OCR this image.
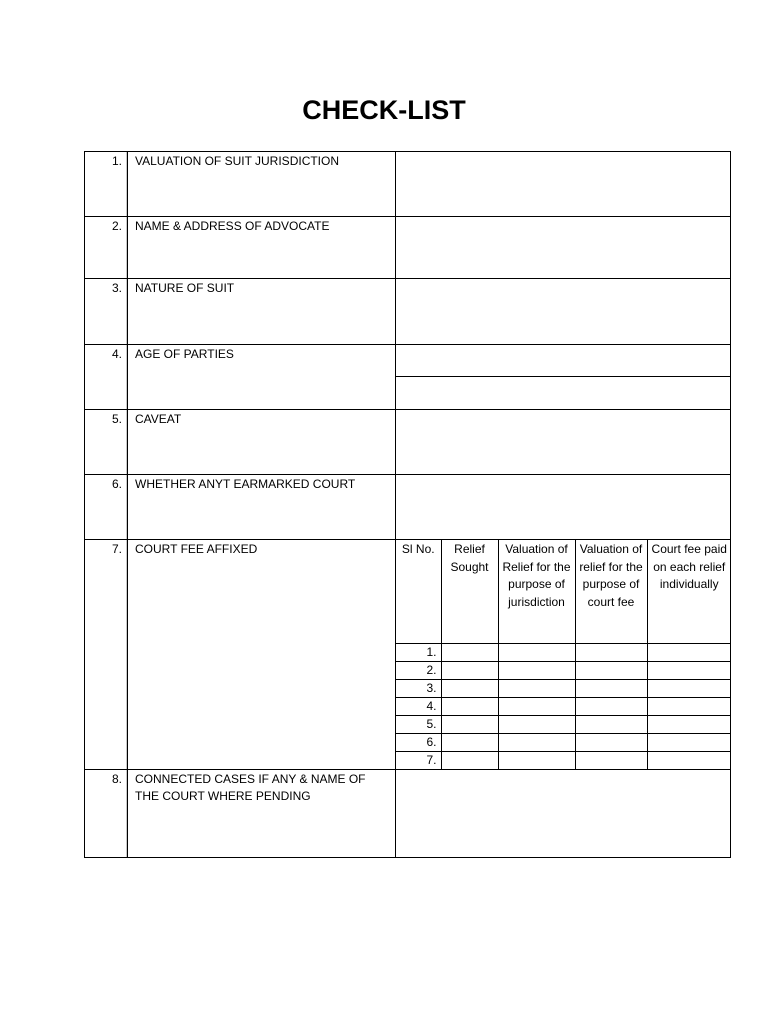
CHECK-LIST
1.	VALUATION OF SUIT JURISDICTION
2.	NAME & ADDRESS OF ADVOCATE
3.	NATURE OF SUIT
4.	AGE OF PARTIES
5.	CAVEAT
6.	WHETHER ANYT EARMARKED COURT
7.	COURT FEE AFFIXED	Sl No.	Relief Sought	Valuation of Relief for the purpose of jurisdiction	Valuation of relief for the purpose of court fee	Court fee paid on each relief individually
1.				
2.				
3.				
4.				
5.				
6.				
7.				
8.	CONNECTED CASES IF ANY & NAME OF THE COURT WHERE PENDING
